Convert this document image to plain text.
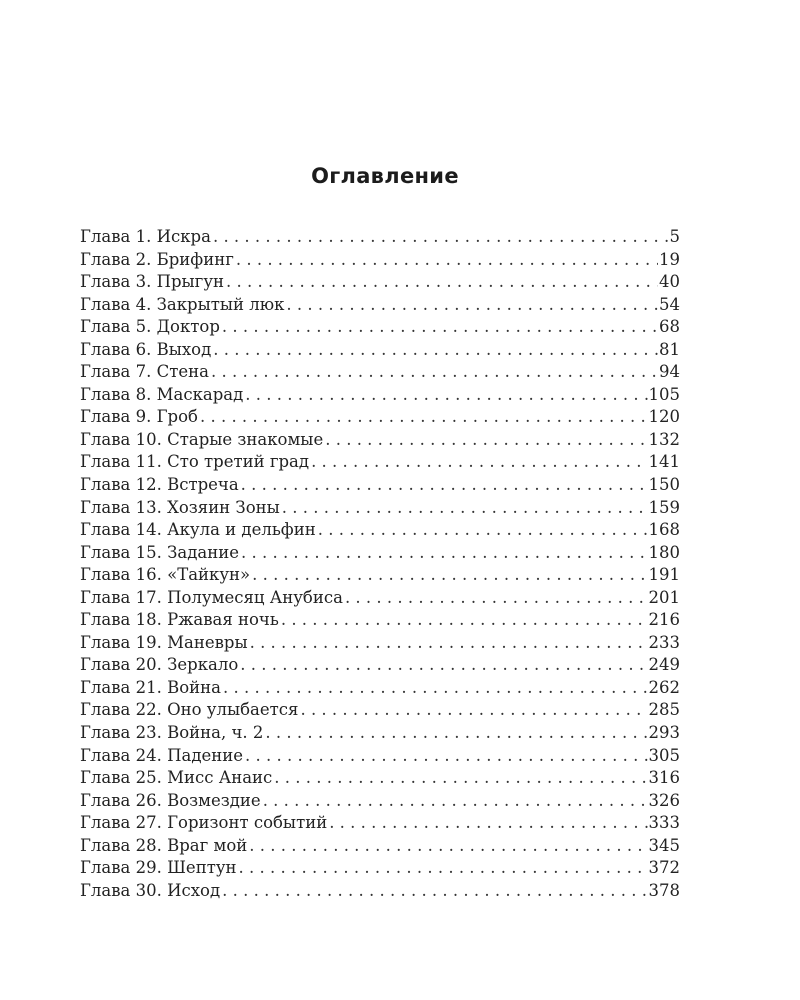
Оглавление
Глава 1. Искра . . .	5
Глава 2. Брифинг . . .	19
Глава 3. Прыгун . . .	40
Глава 4. Закрытый люк . . .	54
Глава 5. Доктор . . .	68
Глава 6. Выход . . .	81
Глава 7. Стена . . .	94
Глава 8. Маскарад . . .	105
Глава 9. Гроб . . .	120
Глава 10. Старые знакомые . . .	132
Глава 11. Сто третий град . . .	141
Глава 12. Встреча . . .	150
Глава 13. Хозяин Зоны . . .	159
Глава 14. Акула и дельфин . . .	168
Глава 15. Задание . . .	180
Глава 16. «Тайкун» . . .	191
Глава 17. Полумесяц Анубиса . . .	201
Глава 18. Ржавая ночь . . .	216
Глава 19. Маневры . . .	233
Глава 20. Зеркало . . .	249
Глава 21. Война . . .	262
Глава 22. Оно улыбается . . .	285
Глава 23. Война, ч. 2 . . .	293
Глава 24. Падение . . .	305
Глава 25. Мисс Анаис . . .	316
Глава 26. Возмездие . . .	326
Глава 27. Горизонт событий . . .	333
Глава 28. Враг мой . . .	345
Глава 29. Шептун . . .	372
Глава 30. Исход . . .	378
